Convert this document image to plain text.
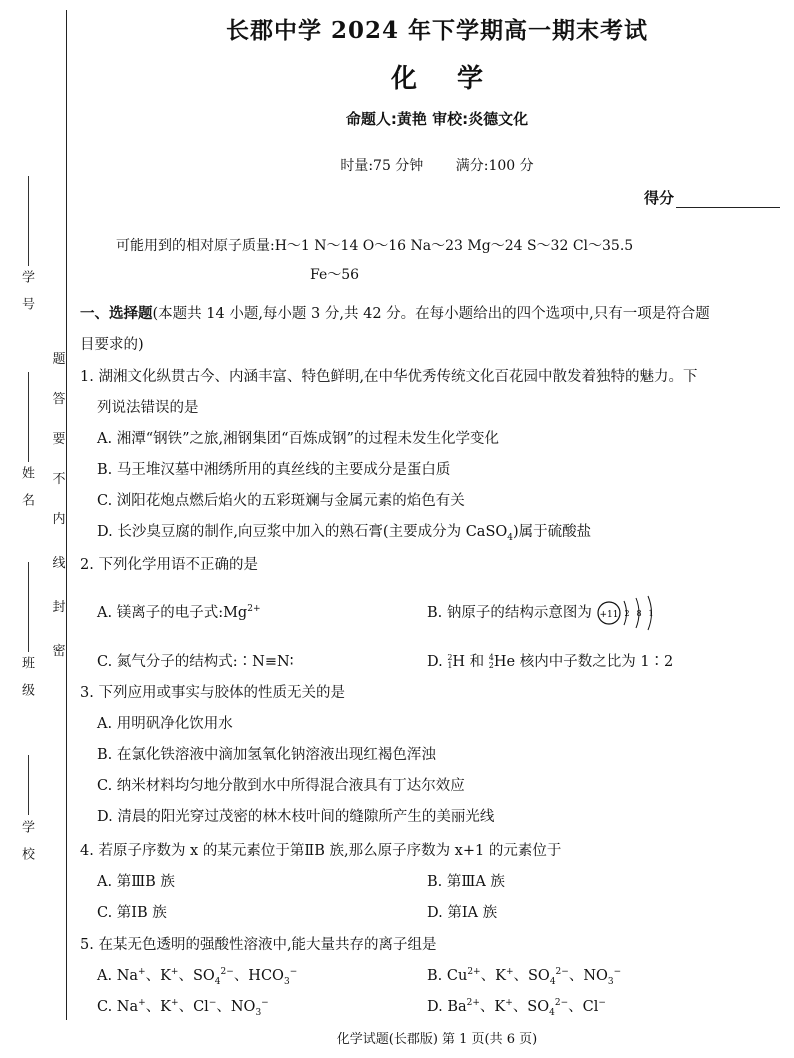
学号
姓名
班级
学校
题
答
要
不
内
线
封
密
长郡中学 2024 年下学期高一期末考试
化学
命题人:黄艳 审校:炎德文化
时量:75 分钟 满分:100 分
得分
可能用到的相对原子质量:H～1 N～14 O～16 Na～23 Mg～24 S～32 Cl～35.5
Fe～56
一、选择题(本题共 14 小题,每小题 3 分,共 42 分。在每小题给出的四个选项中,只有一项是符合题
目要求的)
1. 湖湘文化纵贯古今、内涵丰富、特色鲜明,在中华优秀传统文化百花园中散发着独特的魅力。下
列说法错误的是
A. 湘潭“钢铁”之旅,湘钢集团“百炼成钢”的过程未发生化学变化
B. 马王堆汉墓中湘绣所用的真丝线的主要成分是蛋白质
C. 浏阳花炮点燃后焰火的五彩斑斓与金属元素的焰色有关
D. 长沙臭豆腐的制作,向豆浆中加入的熟石膏(主要成分为 CaSO$_4$)属于硫酸盐
2. 下列化学用语不正确的是
A. 镁离子的电子式$:Mg^{2+}$	B. 钠原子的结构示意图为 +11 2 8 1
C. 氮气分子的结构式:∶N≡N∶	D. 2
1 H 和 4
2 He 核内中子数之比为 1∶2
3. 下列应用或事实与胶体的性质无关的是
A. 用明矾净化饮用水
B. 在氯化铁溶液中滴加氢氧化钠溶液出现红褐色浑浊
C. 纳米材料均匀地分散到水中所得混合液具有丁达尔效应
D. 清晨的阳光穿过茂密的林木枝叶间的缝隙所产生的美丽光线
4. 若原子序数为 x 的某元素位于第ⅡB 族,那么原子序数为 x+1 的元素位于
A. 第ⅢB 族	B. 第ⅢA 族
C. 第ⅠB 族	D. 第ⅠA 族
5. 在某无色透明的强酸性溶液中,能大量共存的离子组是
A. Na+、K+、$SO_4^{2-}$、$HCO_3^-$	B. $Cu^{2+}$、K+、$SO_4^{2-}$、$NO_3^-$
C. Na+、K+、Cl−、$NO_3^-$	D. $Ba^{2+}$、K+、$SO_4^{2-}$、Cl−
化学试题(长郡版) 第 1 页(共 6 页)
